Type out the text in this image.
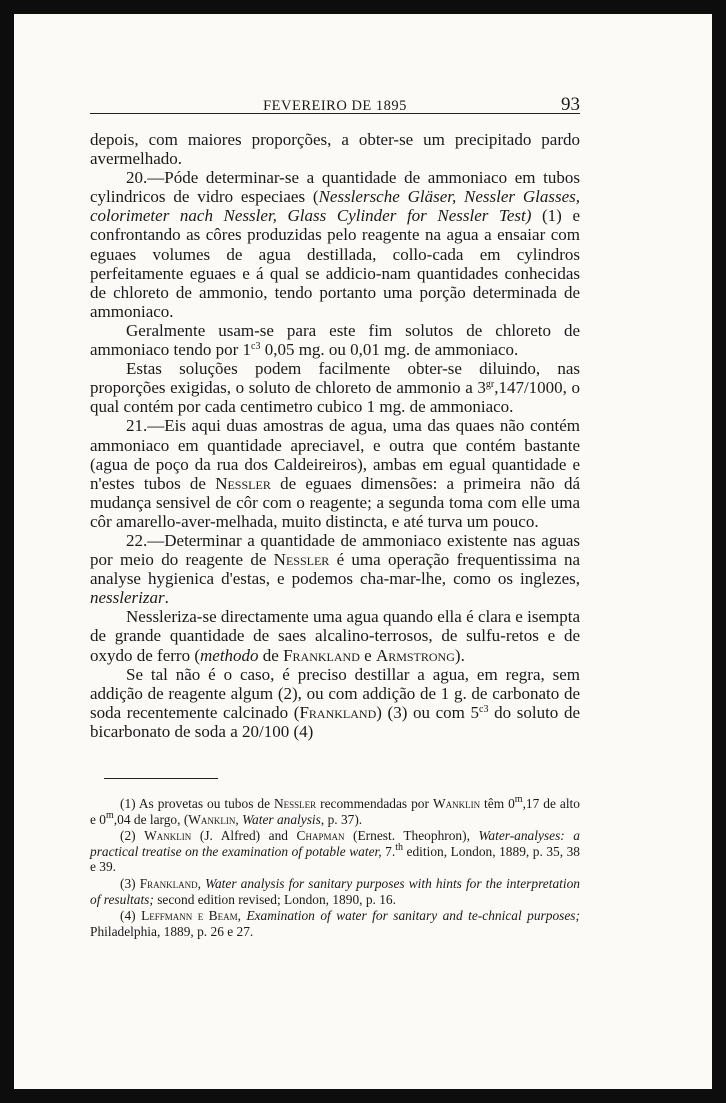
FEVEREIRO DE 1895	93

depois, com maiores proporções, a obter-se um precipitado pardo avermelhado.

20.—Póde determinar-se a quantidade de ammoniaco em tubos cylindricos de vidro especiaes (Nesslersche Gläser, Nessler Glasses, colorimeter nach Nessler, Glass Cylinder for Nessler Test) (1) e confrontando as côres produzidas pelo reagente na agua a ensaiar com eguaes volumes de agua destillada, collo-cada em cylindros perfeitamente eguaes e á qual se addicio-nam quantidades conhecidas de chloreto de ammonio, tendo portanto uma porção determinada de ammoniaco.

Geralmente usam-se para este fim solutos de chloreto de ammoniaco tendo por $1^{c3}$ 0,05 mg. ou 0,01 mg. de ammoniaco.

Estas soluções podem facilmente obter-se diluindo, nas proporções exigidas, o soluto de chloreto de ammonio a $3^{gr},147/1000$, o qual contém por cada centimetro cubico 1 mg. de ammoniaco.

21.—Eis aqui duas amostras de agua, uma das quaes não contém ammoniaco em quantidade apreciavel, e outra que contém bastante (agua de poço da rua dos Caldeireiros), ambas em egual quantidade e n'estes tubos de Nessler de eguaes dimensões: a primeira não dá mudança sensivel de côr com o reagente; a segunda toma com elle uma côr amarello-aver-melhada, muito distincta, e até turva um pouco.

22.—Determinar a quantidade de ammoniaco existente nas aguas por meio do reagente de Nessler é uma operação frequentissima na analyse hygienica d'estas, e podemos cha-mar-lhe, como os inglezes, nesslerizar.

Nessleriza-se directamente uma agua quando ella é clara e isempta de grande quantidade de saes alcalino-terrosos, de sulfu-retos e de oxydo de ferro (methodo de Frankland e Armstrong).

Se tal não é o caso, é preciso destillar a agua, em regra, sem addição de reagente algum (2), ou com addição de 1 g. de carbonato de soda recentemente calcinado (Frankland) (3) ou com $5^{c3}$ do soluto de bicarbonato de soda a 20/100 (4)

(1) As provetas ou tubos de Nessler recommendadas por Wanklin têm 0$^m$,17 de alto e 0$^m$,04 de largo, (Wanklin, Water analysis, p. 37).

(2) Wanklin (J. Alfred) and Chapman (Ernest. Theophron), Water-analyses: a practical treatise on the examination of potable water, 7.$^{th}$ edition, London, 1889, p. 35, 38 e 39.

(3) Frankland, Water analysis for sanitary purposes with hints for the interpretation of resultats; second edition revised; London, 1890, p. 16.

(4) Leffmann e Beam, Examination of water for sanitary and te-chnical purposes; Philadelphia, 1889, p. 26 e 27.
